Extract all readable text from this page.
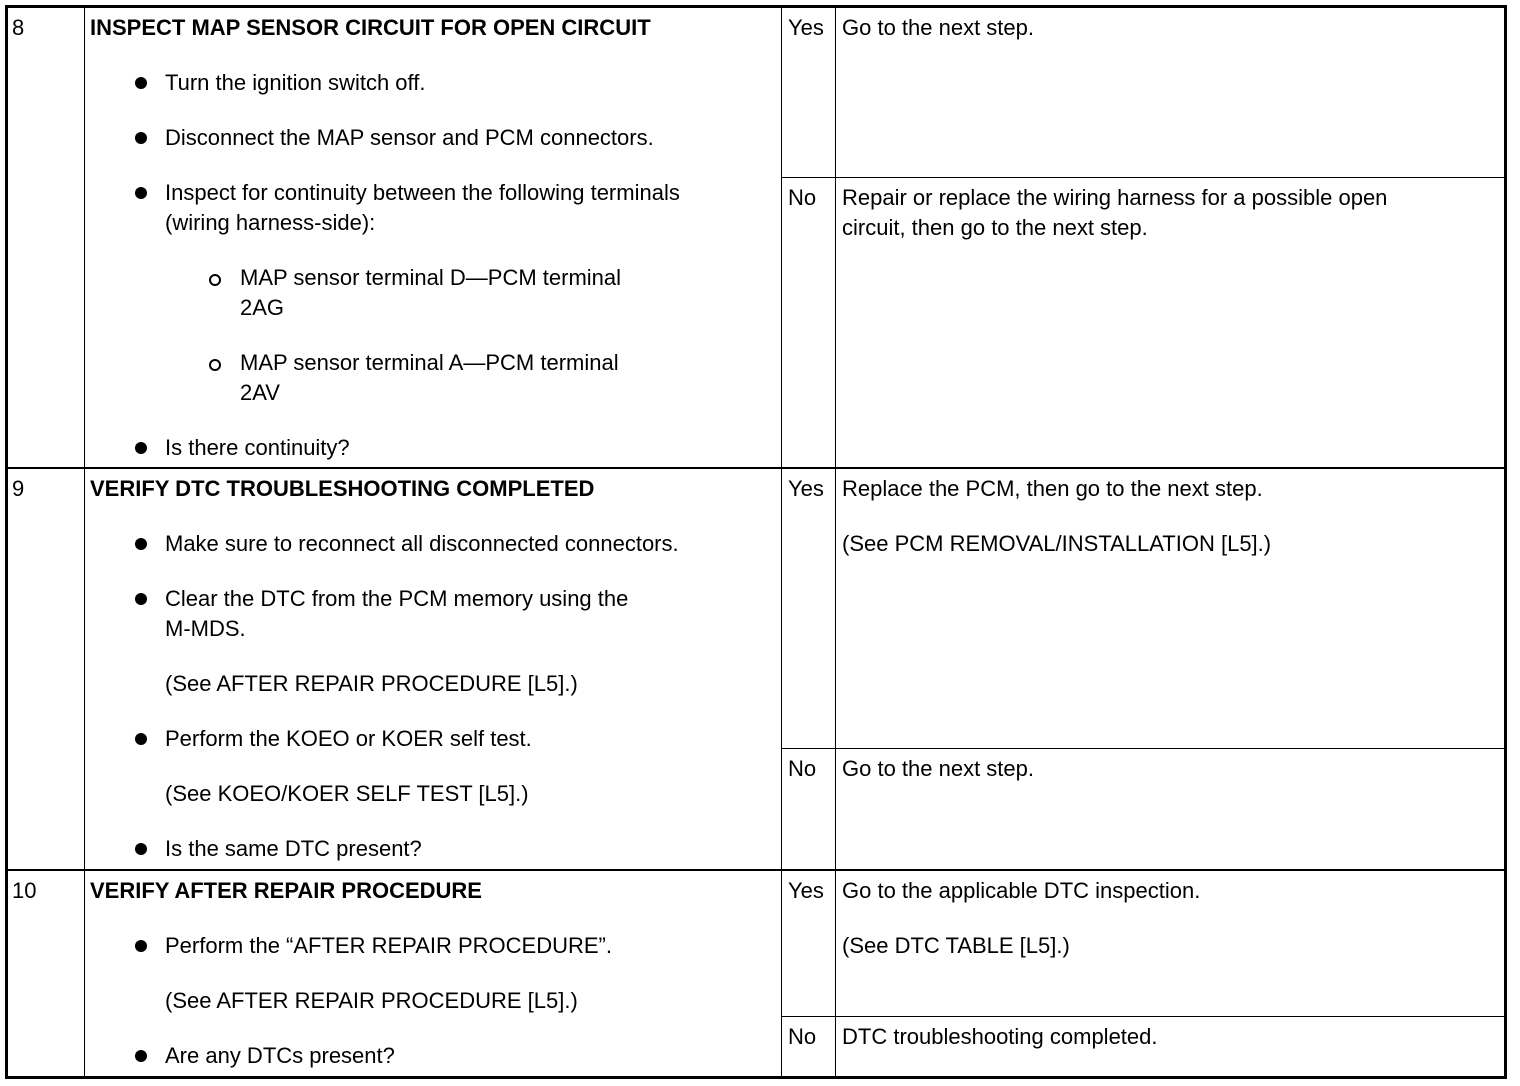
8	INSPECT MAP SENSOR CIRCUIT FOR OPEN CIRCUIT
Turn the ignition switch off.
Disconnect the MAP sensor and PCM connectors.
Inspect for continuity between the following terminals
(wiring harness-side):
MAP sensor terminal D—PCM terminal
2AG
MAP sensor terminal A—PCM terminal
2AV
Is there continuity?
Yes Go to the next step.
No Repair or replace the wiring harness for a possible open
circuit, then go to the next step.
9	VERIFY DTC TROUBLESHOOTING COMPLETED
Make sure to reconnect all disconnected connectors.
Clear the DTC from the PCM memory using the
M-MDS.
(See AFTER REPAIR PROCEDURE [L5].)
Perform the KOEO or KOER self test.
(See KOEO/KOER SELF TEST [L5].)
Is the same DTC present?
Yes Replace the PCM, then go to the next step.
(See PCM REMOVAL/INSTALLATION [L5].)
No Go to the next step.
10 VERIFY AFTER REPAIR PROCEDURE
Perform the “AFTER REPAIR PROCEDURE”.
(See AFTER REPAIR PROCEDURE [L5].)
Are any DTCs present?
Yes Go to the applicable DTC inspection.
(See DTC TABLE [L5].)
No DTC troubleshooting completed.
